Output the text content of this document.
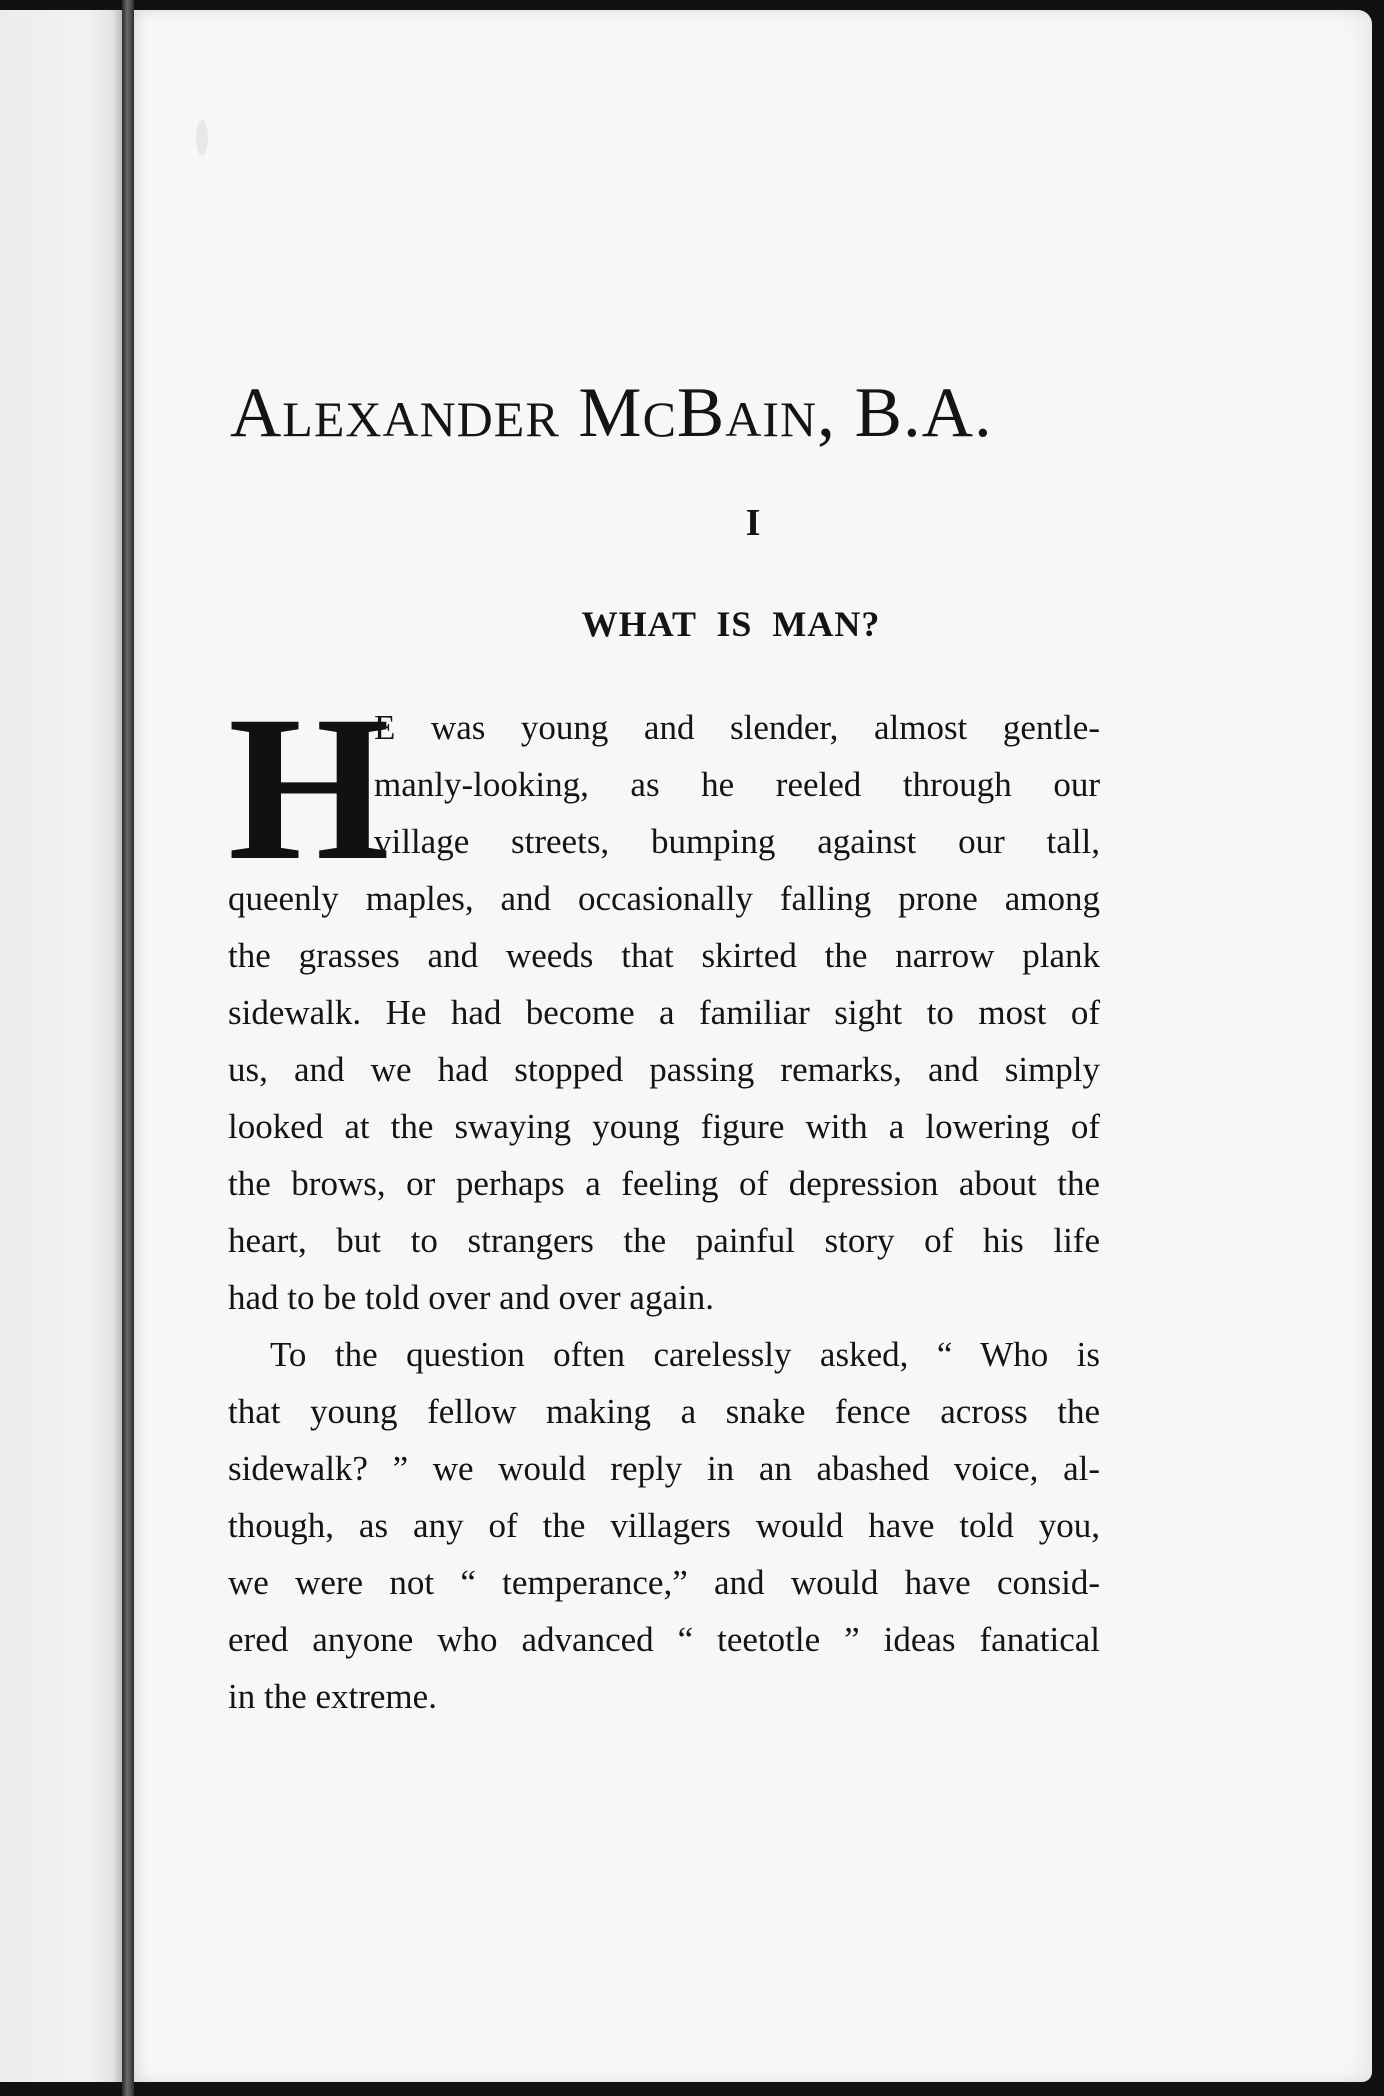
Alexander McBain, B.A.
I
WHAT IS MAN?
H
E was young and slender, almost gentle-
manly-looking, as he reeled through our
village streets, bumping against our tall,
queenly maples, and occasionally falling prone among
the grasses and weeds that skirted the narrow plank
sidewalk. He had become a familiar sight to most of
us, and we had stopped passing remarks, and simply
looked at the swaying young figure with a lowering of
the brows, or perhaps a feeling of depression about the
heart, but to strangers the painful story of his life
had to be told over and over again.
To the question often carelessly asked, “ Who is
that young fellow making a snake fence across the
sidewalk? ” we would reply in an abashed voice, al-
though, as any of the villagers would have told you,
we were not “ temperance,” and would have consid-
ered anyone who advanced “ teetotle ” ideas fanatical
in the extreme.
